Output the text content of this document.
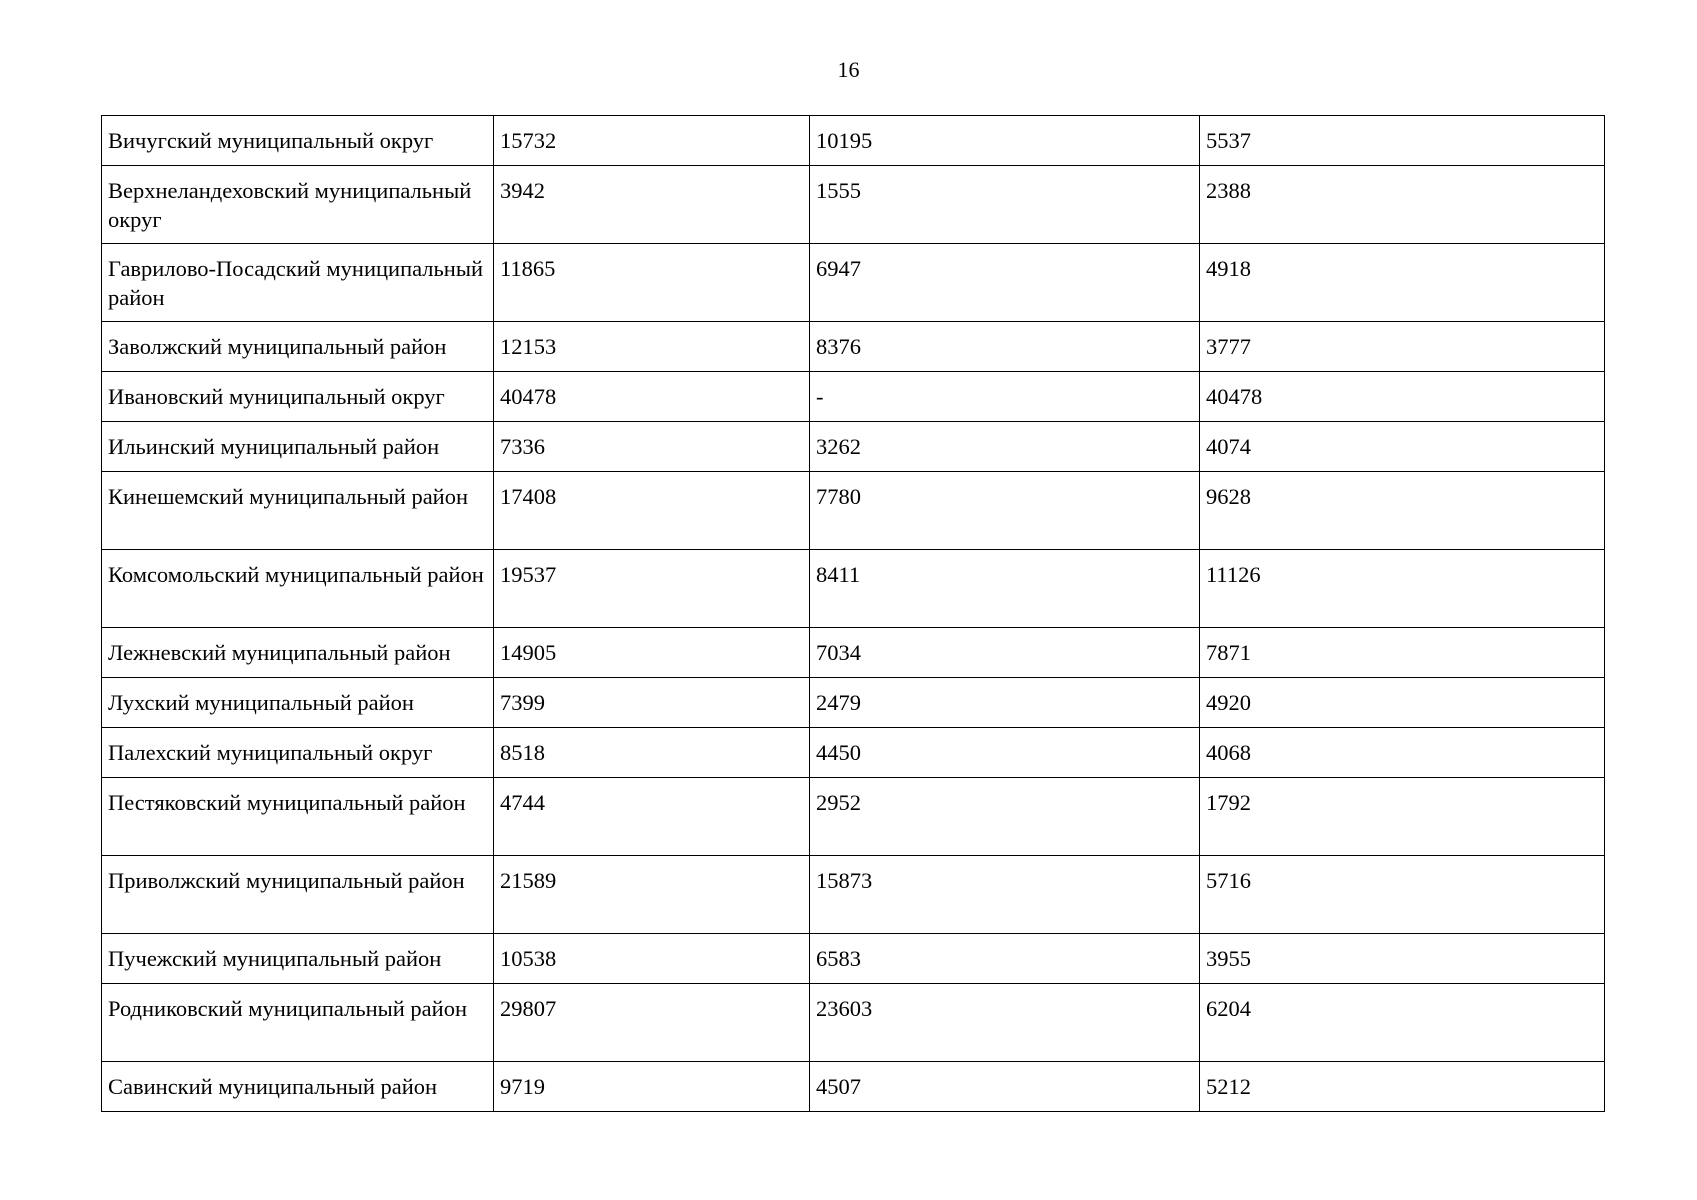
16
Вичугский муниципальный округ	15732	10195	5537
Верхнеландеховский муниципальный округ	3942	1555	2388
Гаврилово-Посадский муниципальный район	11865	6947	4918
Заволжский муниципальный район	12153	8376	3777
Ивановский муниципальный округ	40478	-	40478
Ильинский муниципальный район	7336	3262	4074
Кинешемский муниципальный район	17408	7780	9628
Комсомольский муниципальный район	19537	8411	11126
Лежневский муниципальный район	14905	7034	7871
Лухский муниципальный район	7399	2479	4920
Палехский муниципальный округ	8518	4450	4068
Пестяковский муниципальный район	4744	2952	1792
Приволжский муниципальный район	21589	15873	5716
Пучежский муниципальный район	10538	6583	3955
Родниковский муниципальный район	29807	23603	6204
Савинский муниципальный район	9719	4507	5212
